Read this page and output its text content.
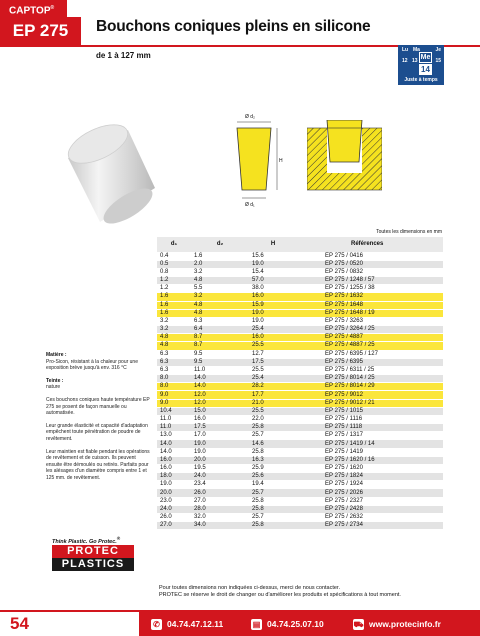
CAPTOP®
EP 275	Bouchons coniques pleins en silicone
de 1 à 127 mm
Lu Ma	Je
12 13 Me
14
15
Juste à temps
Ø d₂
H
Ø d₁
Toutes les dimensions en mm
d₁	d₂	H	Références
0.4	1.6	15.6	EP 275 / 0416
0.5	2.0	19.0	EP 275 / 0520
0.8	3.2	15.4	EP 275 / 0832
1.2	4.8	57.0	EP 275 / 1248 / 57
1.2	5.5	38.0	EP 275 / 1255 / 38
1.6	3.2	16.0	EP 275 / 1632
1.6	4.8	15.9	EP 275 / 1648
1.6	4.8	19.0	EP 275 / 1648 / 19
3.2	6.3	19.0	EP 275 / 3263
3.2	6.4	25.4	EP 275 / 3264 / 25
4.8	8.7	16.0	EP 275 / 4887
4.8	8.7	25.5	EP 275 / 4887 / 25
6.3	9.5	12.7	EP 275 / 6395 / 127
6.3	9.5	17.5	EP 275 / 6395
6.3	11.0	25.5	EP 275 / 6311 / 25
8.0	14.0	25.4	EP 275 / 8014 / 25
8.0	14.0	28.2	EP 275 / 8014 / 29
9.0	12.0	17.7	EP 275 / 9012
9.0	12.0	21.0	EP 275 / 9012 / 21
10.4	15.0	25.5	EP 275 / 1015
11.0	16.0	22.0	EP 275 / 1116
11.0	17.5	25.8	EP 275 / 1118
13.0	17.0	25.7	EP 275 / 1317
14.0	19.0	14.6	EP 275 / 1419 / 14
14.0	19.0	25.8	EP 275 / 1419
16.0	20.0	16.3	EP 275 / 1620 / 16
16.0	19.5	25.9	EP 275 / 1620
18.0	24.0	25.6	EP 275 / 1824
19.0	23.4	19.4	EP 275 / 1924
20.0	26.0	25.7	EP 275 / 2026
23.0	27.0	25.8	EP 275 / 2327
24.0	28.0	25.8	EP 275 / 2428
26.0	32.0	25.7	EP 275 / 2632
27.0	34.0	25.8	EP 275 / 2734
Pour toutes dimensions non indiquées ci-dessus, merci de nous contacter.
PROTEC se réserve le droit de changer ou d'améliorer les produits et spécifications à tout moment.

Matière :
Pro-Sicon, résistant à la chaleur pour une exposition brève jusqu'à env. 316 °C

Teinte :
nature

Ces bouchons coniques haute température EP 275 se posent de façon manuelle ou automatisée.

Leur grande élasticité et capacité d'adaptation empêchent toute pénétration de poudre de revêtement.

Leur maintien est fiable pendant les opérations de revêtement et de cuisson. Ils peuvent ensuite être démoulés ou retirés. Parfaits pour les alésages d'un diamètre compris entre 1 et 125 mm. de revêtement.

Think Plastic. Go Protec.®
PROTEC
PLASTICS
54	✆ 04.74.47.12.11	▤ 04.74.25.07.10	⛟ www.protecinfo.fr
